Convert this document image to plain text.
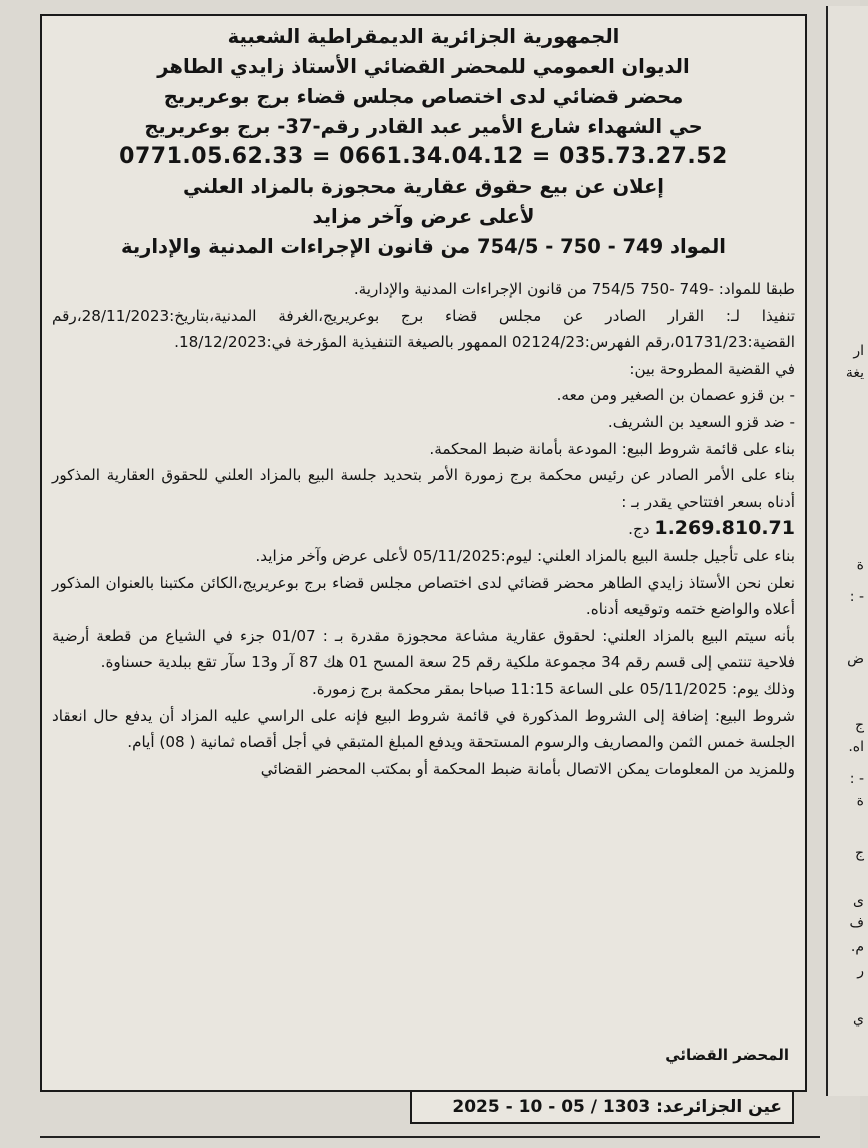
ار
يغة
ة
- :
ض
ج
اه.
- :
ة
ج
ى
ف
م.
ر
ي
الجمهورية الجزائرية الديمقراطية الشعبية
الديوان العمومي للمحضر القضائي الأستاذ زايدي الطاهر
محضر قضائي لدى اختصاص مجلس قضاء برج بوعريريج
حي الشهداء شارع الأمير عبد القادر رقم-37- برج بوعريريج
0771.05.62.33 = 0661.34.04.12 = 035.73.27.52
إعلان عن بيع حقوق عقارية محجوزة بالمزاد العلني
لأعلى عرض وآخر مزايد
المواد 749 - 750 - 754/5 من قانون الإجراءات المدنية والإدارية

طبقا للمواد: -749 -750 754/5 من قانون الإجراءات المدنية والإدارية.

تنفيذا لـ: القرار الصادر عن مجلس قضاء برج بوعريريج،الغرفة المدنية،بتاريخ:28/11/2023،رقم القضية:01731/23،رقم الفهرس:02124/23 الممهور بالصيغة التنفيذية المؤرخة في:18/12/2023.

في القضية المطروحة بين:

- بن قزو عصمان بن الصغير ومن معه.

- ضد قزو السعيد بن الشريف.

بناء على قائمة شروط البيع: المودعة بأمانة ضبط المحكمة.

بناء على الأمر الصادر عن رئيس محكمة برج زمورة الأمر بتحديد جلسة البيع بالمزاد العلني للحقوق العقارية المذكور أدناه بسعر افتتاحي يقدر بـ :

1.269.810.71 دج.

بناء على تأجيل جلسة البيع بالمزاد العلني: ليوم:05/11/2025 لأعلى عرض وآخر مزايد.

نعلن نحن الأستاذ زايدي الطاهر محضر قضائي لدى اختصاص مجلس قضاء برج بوعريريج،الكائن مكتبنا بالعنوان المذكور أعلاه والواضع ختمه وتوقيعه أدناه.

بأنه سيتم البيع بالمزاد العلني: لحقوق عقارية مشاعة محجوزة مقدرة بـ : 01/07 جزء في الشياع من قطعة أرضية فلاحية تنتمي إلى قسم رقم 34 مجموعة ملكية رقم 25 سعة المسح 01 هك 87 آر و13 سآر تقع ببلدية حسناوة.

وذلك يوم: 05/11/2025 على الساعة 11:15 صباحا بمقر محكمة برج زمورة.

شروط البيع: إضافة إلى الشروط المذكورة في قائمة شروط البيع فإنه على الراسي عليه المزاد أن يدفع حال انعقاد الجلسة خمس الثمن والمصاريف والرسوم المستحقة ويدفع المبلغ المتبقي في أجل أقصاه ثمانية ( 08) أيام.

وللمزيد من المعلومات يمكن الاتصال بأمانة ضبط المحكمة أو بمكتب المحضر القضائي

المحضر القضائي
عين الجزائرعد: 1303 / 05 - 10 - 2025
